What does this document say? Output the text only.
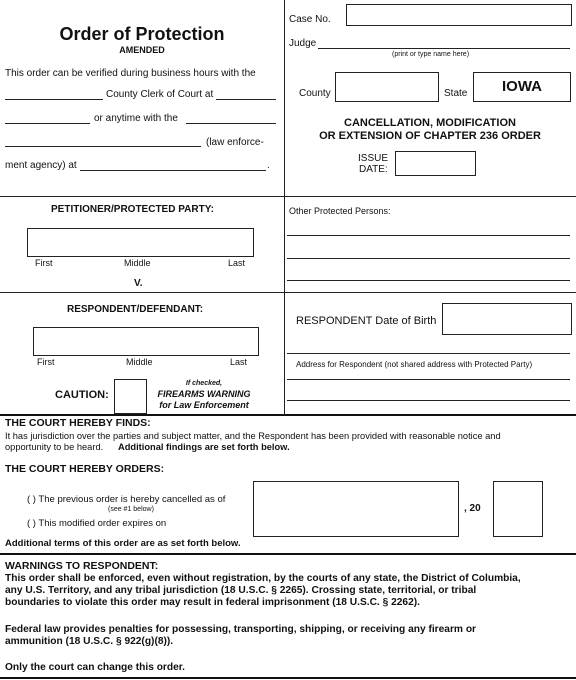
Order of Protection
AMENDED
This order can be verified during business hours with the
County Clerk of Court at
or anytime with the
(law enforce-
ment agency) at	.
Case No.
Judge
(print or type name here)
County	State	IOWA
CANCELLATION, MODIFICATION
OR EXTENSION OF CHAPTER 236 ORDER
ISSUE
DATE:
PETITIONER/PROTECTED PARTY:
First	Middle	Last
V.
Other Protected Persons:
RESPONDENT/DEFENDANT:
First	Middle	Last
RESPONDENT Date of Birth
Address for Respondent (not shared address with Protected Party)
CAUTION:
If checked,
FIREARMS WARNING
for Law Enforcement
THE COURT HEREBY FINDS:
It has jurisdiction over the parties and subject matter, and the Respondent has been provided with reasonable notice and
opportunity to be heard. Additional findings are set forth below.
THE COURT HEREBY ORDERS:
( ) The previous order is hereby cancelled as of
(see #1 below)
( ) This modified order expires on
, 20
Additional terms of this order are as set forth below.
WARNINGS TO RESPONDENT:
This order shall be enforced, even without registration, by the courts of any state, the District of Columbia,
any U.S. Territory, and any tribal jurisdiction (18 U.S.C. § 2265). Crossing state, territorial, or tribal
boundaries to violate this order may result in federal imprisonment (18 U.S.C. § 2262).
Federal law provides penalties for possessing, transporting, shipping, or receiving any firearm or
ammunition (18 U.S.C. § 922(g)(8)).
Only the court can change this order.
